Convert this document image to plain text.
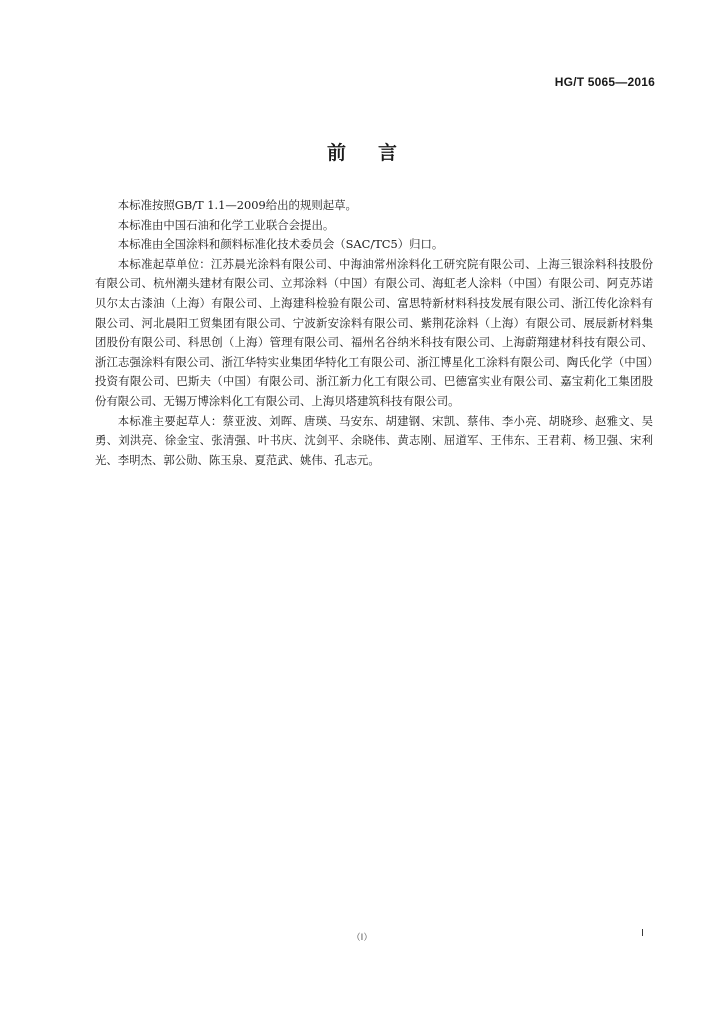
HG/T 5065—2016
前言

本标准按照GB/T 1.1—2009给出的规则起草。

本标准由中国石油和化学工业联合会提出。

本标准由全国涂料和颜料标准化技术委员会（SAC/TC5）归口。

本标准起草单位：江苏晨光涂料有限公司、中海油常州涂料化工研究院有限公司、上海三银涂料科技股份有限公司、杭州潮头建材有限公司、立邦涂料（中国）有限公司、海虹老人涂料（中国）有限公司、阿克苏诺贝尔太古漆油（上海）有限公司、上海建科检验有限公司、富思特新材料科技发展有限公司、浙江传化涂料有限公司、河北晨阳工贸集团有限公司、宁波新安涂料有限公司、紫荆花涂料（上海）有限公司、展辰新材料集团股份有限公司、科思创（上海）管理有限公司、福州名谷纳米科技有限公司、上海蔚翔建材科技有限公司、浙江志强涂料有限公司、浙江华特实业集团华特化工有限公司、浙江博星化工涂料有限公司、陶氏化学（中国）投资有限公司、巴斯夫（中国）有限公司、浙江新力化工有限公司、巴德富实业有限公司、嘉宝莉化工集团股份有限公司、无锡万博涂料化工有限公司、上海贝塔建筑科技有限公司。

本标准主要起草人：蔡亚波、刘晖、唐瑛、马安东、胡建钢、宋凯、蔡伟、李小亮、胡晓珍、赵雅文、吴勇、刘洪亮、徐金宝、张清强、叶书庆、沈剑平、余晓伟、黄志刚、屈道军、王伟东、王君莉、杨卫强、宋利光、李明杰、郭公勋、陈玉泉、夏范武、姚伟、孔志元。

（I）	I
